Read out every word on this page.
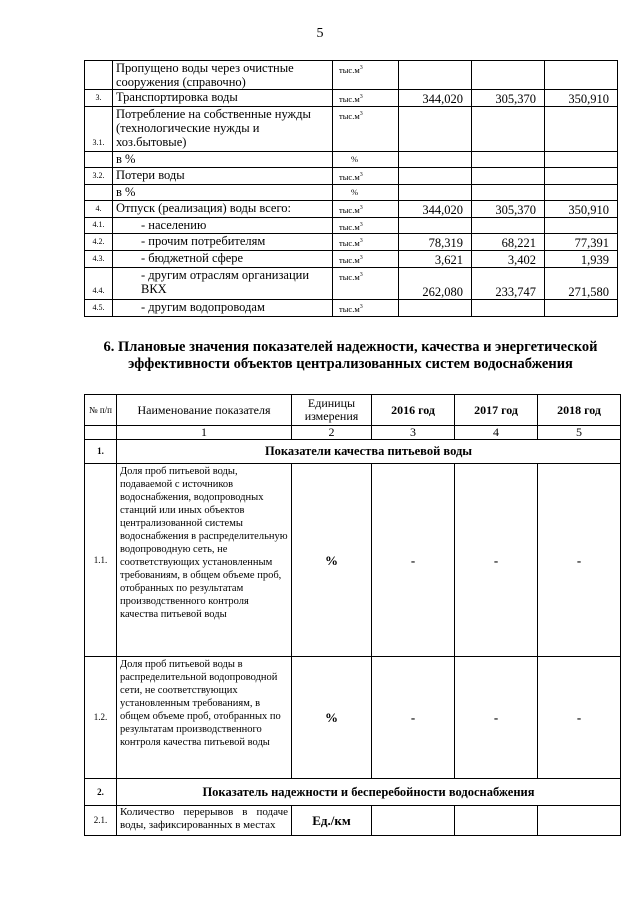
5
	Пропущено воды через очистные сооружения (справочно)	$тыс.м^3$			
3.	Транспортировка воды	$тыс.м^3$	344,020	305,370	350,910
3.1.	Потребление на собственные нужды (технологические нужды и хоз.бытовые)	$тыс.м^3$			
	в %	%			
3.2.	Потери воды	$тыс.м^3$			
	в %	%			
4.	Отпуск (реализация) воды всего:	$тыс.м^3$	344,020	305,370	350,910
4.1.	- населению	$тыс.м^3$			
4.2.	- прочим потребителям	$тыс.м^3$	78,319	68,221	77,391
4.3.	- бюджетной сфере	$тыс.м^3$	3,621	3,402	1,939
4.4.	- другим отраслям организации ВКХ	$тыс.м^3$	262,080	233,747	271,580
4.5.	- другим водопроводам	$тыс.м^3$			
6. Плановые значения показателей надежности, качества и энергетической эффективности объектов централизованных систем водоснабжения
№ п/п	Наименование показателя	Единицы измерения	2016 год	2017 год	2018 год
	1	2	3	4	5
1.	Показатели качества питьевой воды				
1.1.	Доля проб питьевой воды, подаваемой с источников водоснабжения, водопроводных станций или иных объектов централизованной системы водоснабжения в распределительную водопроводную сеть, не соответствующих установленным требованиям, в общем объеме проб, отобранных по результатам производственного контроля качества питьевой воды	%	-	-	-
1.2.	Доля проб питьевой воды в распределительной водопроводной сети, не соответствующих установленным требованиям, в общем объеме проб, отобранных по результатам производственного контроля качества питьевой воды	%	-	-	-
2.	Показатель надежности и бесперебойности водоснабжения				
2.1.	Количество перерывов в подаче воды, зафиксированных в местах	Ед./км			
